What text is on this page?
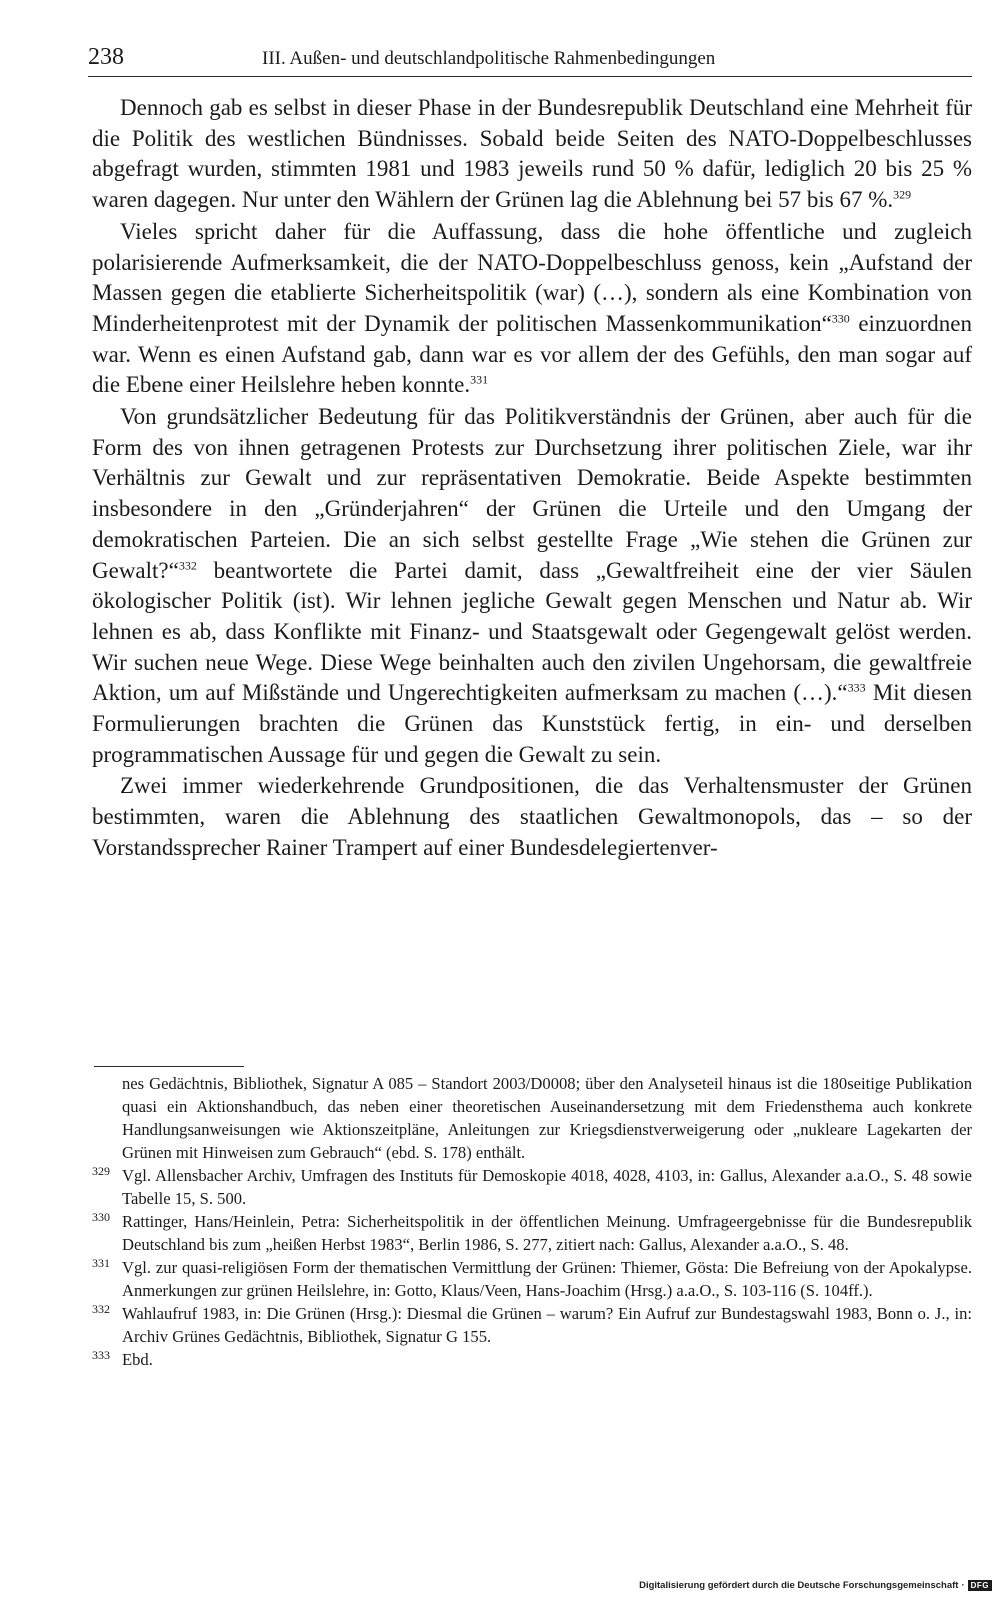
238	III. Außen- und deutschlandpolitische Rahmenbedingungen

Dennoch gab es selbst in dieser Phase in der Bundesrepublik Deutschland eine Mehrheit für die Politik des westlichen Bündnisses. Sobald beide Seiten des NATO-Doppelbeschlusses abgefragt wurden, stimmten 1981 und 1983 jeweils rund 50 % dafür, lediglich 20 bis 25 % waren dagegen. Nur unter den Wählern der Grünen lag die Ablehnung bei 57 bis 67 %.$^{329}$

Vieles spricht daher für die Auffassung, dass die hohe öffentliche und zugleich polarisierende Aufmerksamkeit, die der NATO-Doppelbeschluss genoss, kein „Aufstand der Massen gegen die etablierte Sicherheitspolitik (war) (…), sondern als eine Kombination von Minderheitenprotest mit der Dynamik der politischen Massenkommunikation“$^{330}$ einzuordnen war. Wenn es einen Aufstand gab, dann war es vor allem der des Gefühls, den man sogar auf die Ebene einer Heilslehre heben konnte.$^{331}$

Von grundsätzlicher Bedeutung für das Politikverständnis der Grünen, aber auch für die Form des von ihnen getragenen Protests zur Durchsetzung ihrer politischen Ziele, war ihr Verhältnis zur Gewalt und zur repräsentativen Demokratie. Beide Aspekte bestimmten insbesondere in den „Gründerjahren“ der Grünen die Urteile und den Umgang der demokratischen Parteien. Die an sich selbst gestellte Frage „Wie stehen die Grünen zur Gewalt?“$^{332}$ beantwortete die Partei damit, dass „Gewaltfreiheit eine der vier Säulen ökologischer Politik (ist). Wir lehnen jegliche Gewalt gegen Menschen und Natur ab. Wir lehnen es ab, dass Konflikte mit Finanz- und Staatsgewalt oder Gegengewalt gelöst werden. Wir suchen neue Wege. Diese Wege beinhalten auch den zivilen Ungehorsam, die gewaltfreie Aktion, um auf Mißstände und Ungerechtigkeiten aufmerksam zu machen (…).“$^{333}$ Mit diesen Formulierungen brachten die Grünen das Kunststück fertig, in ein- und derselben programmatischen Aussage für und gegen die Gewalt zu sein.

Zwei immer wiederkehrende Grundpositionen, die das Verhaltensmuster der Grünen bestimmten, waren die Ablehnung des staatlichen Gewaltmonopols, das – so der Vorstandssprecher Rainer Trampert auf einer Bundesdelegiertenver-

nes Gedächtnis, Bibliothek, Signatur A 085 – Standort 2003/D0008; über den Analyseteil hinaus ist die 180seitige Publikation quasi ein Aktionshandbuch, das neben einer theoretischen Auseinandersetzung mit dem Friedensthema auch konkrete Handlungsanweisungen wie Aktionszeitpläne, Anleitungen zur Kriegsdienstverweigerung oder „nukleare Lagekarten der Grünen mit Hinweisen zum Gebrauch“ (ebd. S. 178) enthält.

329 Vgl. Allensbacher Archiv, Umfragen des Instituts für Demoskopie 4018, 4028, 4103, in: Gallus, Alexander a.a.O., S. 48 sowie Tabelle 15, S. 500.

330 Rattinger, Hans/Heinlein, Petra: Sicherheitspolitik in der öffentlichen Meinung. Umfrageergebnisse für die Bundesrepublik Deutschland bis zum „heißen Herbst 1983“, Berlin 1986, S. 277, zitiert nach: Gallus, Alexander a.a.O., S. 48.

331 Vgl. zur quasi-religiösen Form der thematischen Vermittlung der Grünen: Thiemer, Gösta: Die Befreiung von der Apokalypse. Anmerkungen zur grünen Heilslehre, in: Gotto, Klaus/Veen, Hans-Joachim (Hrsg.) a.a.O., S. 103-116 (S. 104ff.).

332 Wahlaufruf 1983, in: Die Grünen (Hrsg.): Diesmal die Grünen – warum? Ein Aufruf zur Bundestagswahl 1983, Bonn o. J., in: Archiv Grünes Gedächtnis, Bibliothek, Signatur G 155.

333 Ebd.

Digitalisierung gefördert durch die Deutsche Forschungsgemeinschaft · DFG
